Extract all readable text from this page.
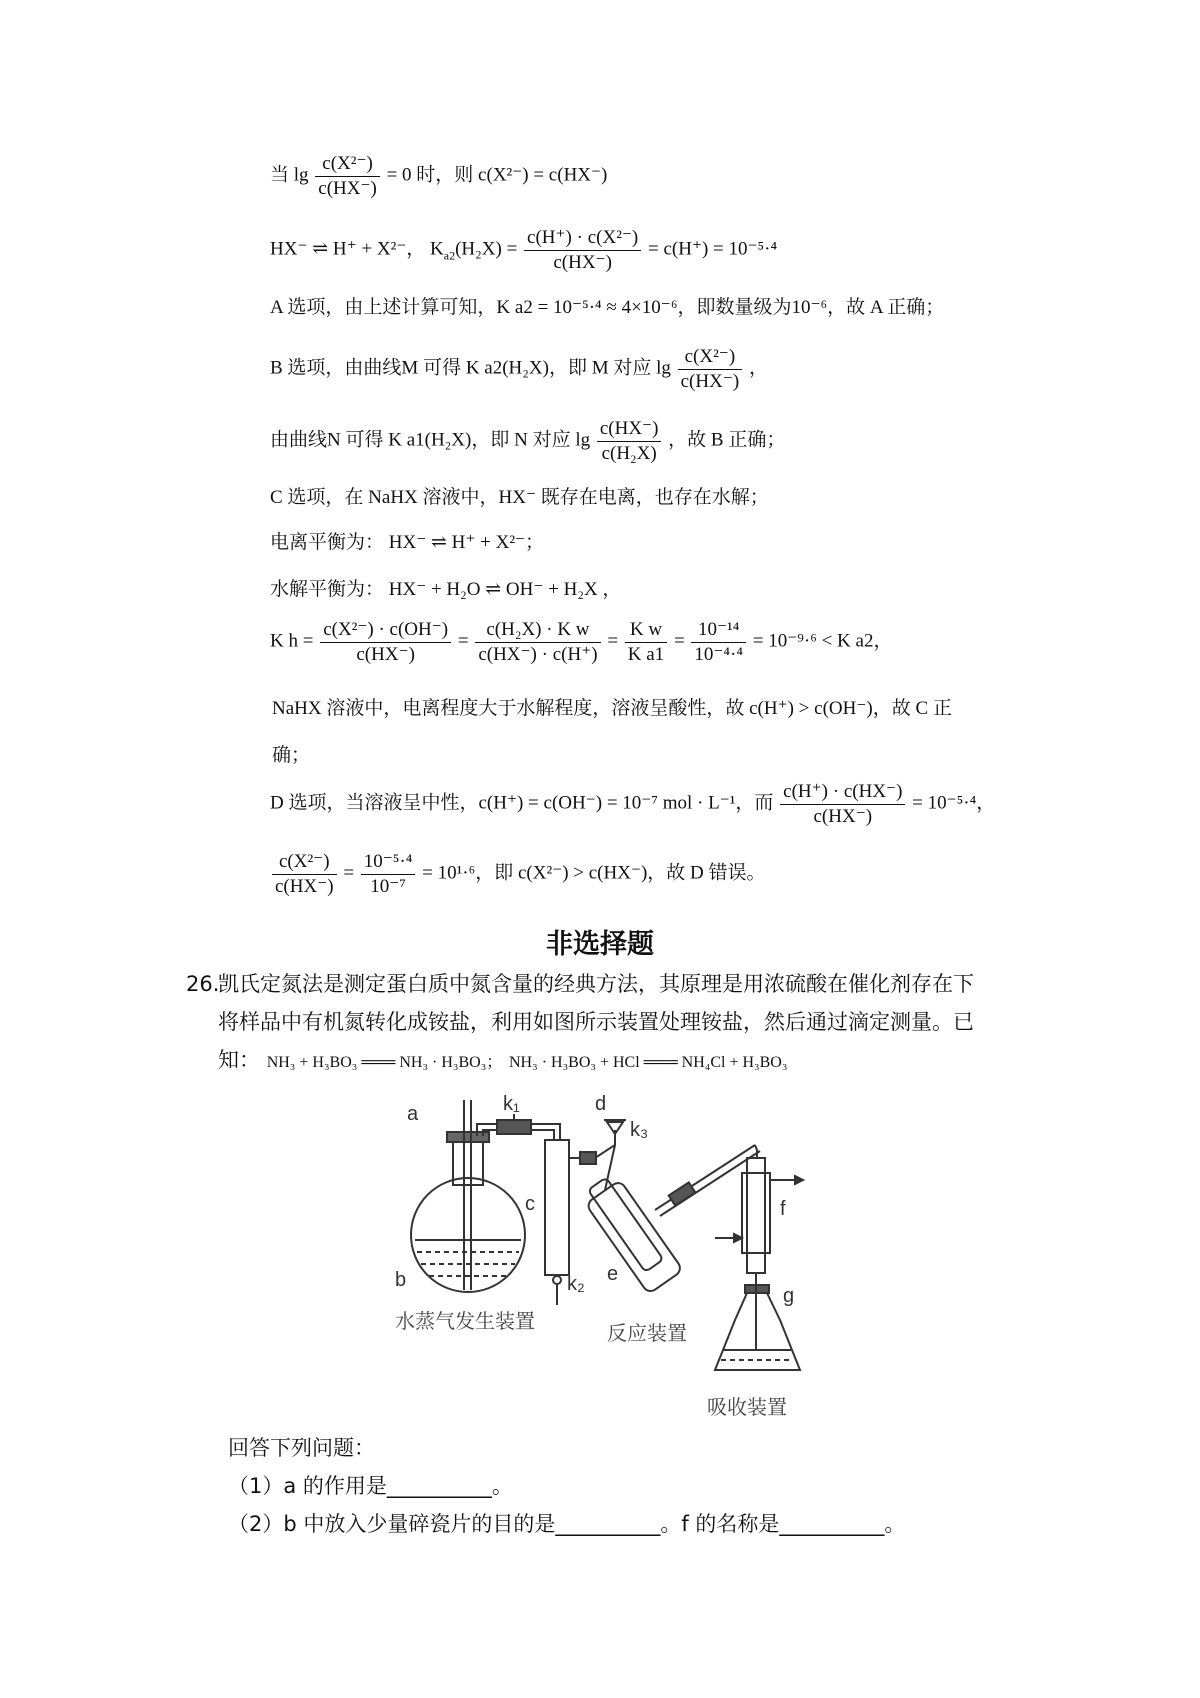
当 $\lg \frac{\text{c(X²⁻)}}{c(HX^-)} = 0$ 时，则 c(X²⁻) = c(HX⁻)
HX⁻ ⇌ H⁺ + X²⁻， $K_{a2}(H_2X) = \frac{\text{c(H⁺) · c(X²⁻)}}{c(HX^-)} = c(H^+) = 10^{-5}\cdot^4$
A 选项，由上述计算可知，K a2 = 10⁻⁵·⁴ ≈ 4×10⁻⁶，即数量级为10⁻⁶，故 A 正确；
B 选项，由曲线M 可得 K a2(H₂X)，即 M 对应 $\lg \frac{\text{c(X²⁻)}}{c(HX^-)}$ ，
由曲线N 可得 K a1(H₂X)，即 N 对应 $\lg \frac{c(HX^-)}{\text{c(H₂X)}}$ ，故 B 正确；
C 选项，在 NaHX 溶液中，HX⁻ 既存在电离，也存在水解；
电离平衡为： HX⁻ ⇌ H⁺ + X²⁻；
水解平衡为： HX⁻ + H₂O ⇌ OH⁻ + H₂X ，
K $h = \frac{\text{c(X²⁻) · c(OH⁻)}}{c(HX^-)} = \frac{\text{c(H₂X) · K w}}{c(HX^-) \cdot c(H^+)} = \frac{\text{K w}}{\text{K a1}} = \frac{\text{10⁻¹⁴}}{\text{10⁻⁴·⁴}} = 10^{-9}\cdot^6 < K$ a2，
NaHX 溶液中，电离程度大于水解程度，溶液呈酸性，故 c(H⁺) > c(OH⁻)，故 C 正
确；
D 选项，当溶液呈中性，c(H⁺) = c(OH⁻) = 10⁻⁷ mol · L⁻¹，而 $\frac{c(H^+) \cdot c(HX^-)}{c(HX^-)} = 10^{-5}\cdot^4$，
$\frac{\text{c(X²⁻)}}{c(HX^-)} = \frac{\text{10⁻⁵·⁴}}{\text{10⁻⁷}} = 10^1\cdot^6$，即 c(X²⁻) > c(HX⁻)，故 D 错误。
非选择题
26.
凯氏定氮法是测定蛋白质中氮含量的经典方法，其原理是用浓硫酸在催化剂存在下
将样品中有机氮转化成铵盐，利用如图所示装置处理铵盐，然后通过滴定测量。已
知： NH₃ + H₃BO₃ ═══ NH₃ · H₃BO₃； NH₃ · H₃BO₃ + HCl ═══ NH₄Cl + H₃BO₃
a	k₁	d
k₃
c
k₂
f
e
b
g
水蒸气发生装置
反应装置
吸收装置
回答下列问题：
（1）a 的作用是__________。
（2）b 中放入少量碎瓷片的目的是__________。f 的名称是__________。
